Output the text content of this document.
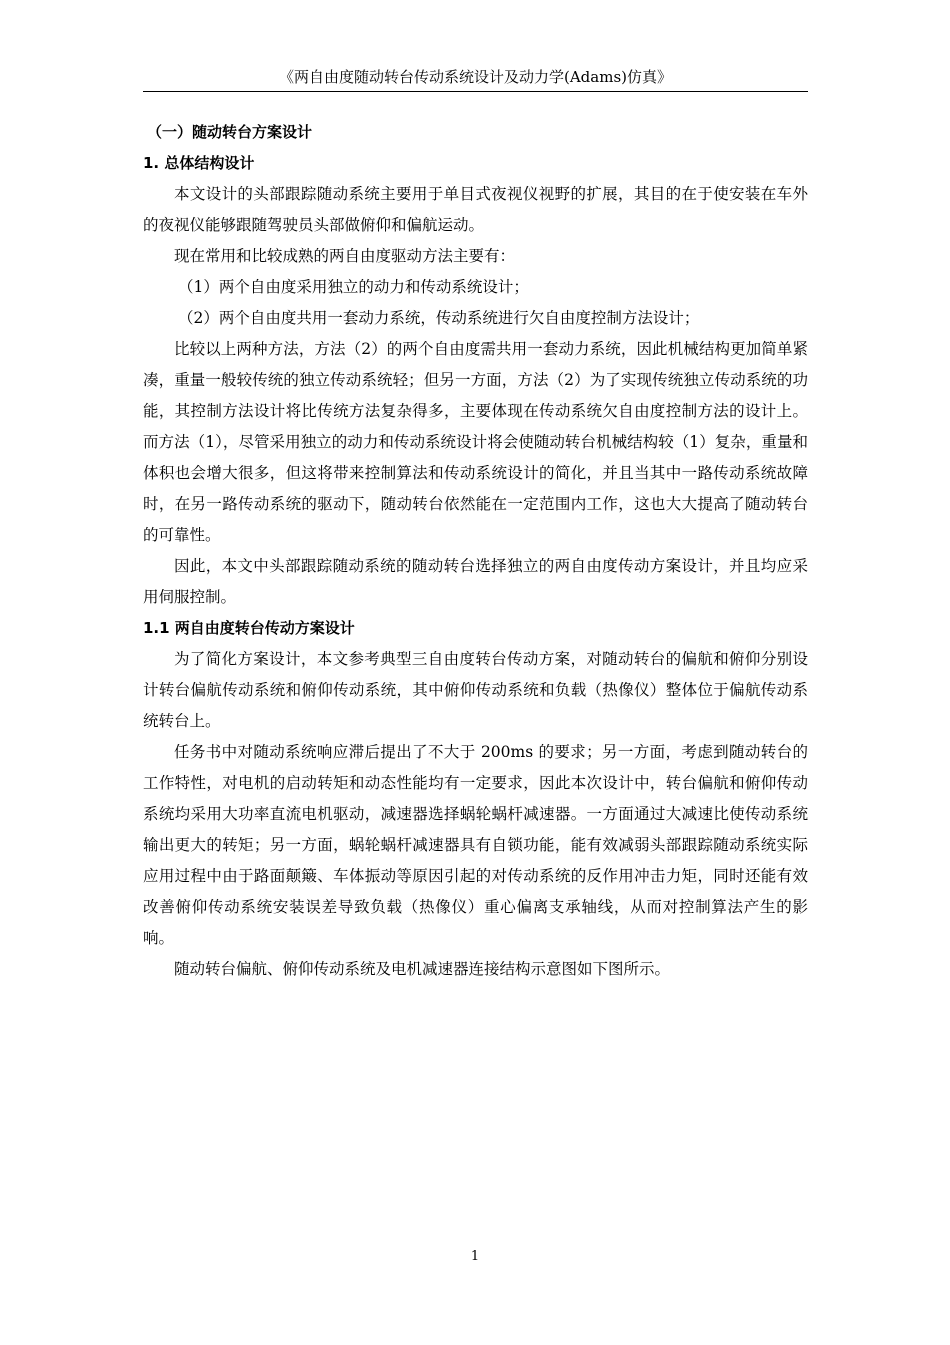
《两自由度随动转台传动系统设计及动力学(Adams)仿真》
（一）随动转台方案设计
1. 总体结构设计

本文设计的头部跟踪随动系统主要用于单目式夜视仪视野的扩展，其目的在于使安装在车外的夜视仪能够跟随驾驶员头部做俯仰和偏航运动。

现在常用和比较成熟的两自由度驱动方法主要有：

（1）两个自由度采用独立的动力和传动系统设计；

（2）两个自由度共用一套动力系统，传动系统进行欠自由度控制方法设计；

比较以上两种方法，方法（2）的两个自由度需共用一套动力系统，因此机械结构更加简单紧凑，重量一般较传统的独立传动系统轻；但另一方面，方法（2）为了实现传统独立传动系统的功能，其控制方法设计将比传统方法复杂得多，主要体现在传动系统欠自由度控制方法的设计上。而方法（1），尽管采用独立的动力和传动系统设计将会使随动转台机械结构较（1）复杂，重量和体积也会增大很多，但这将带来控制算法和传动系统设计的简化，并且当其中一路传动系统故障时，在另一路传动系统的驱动下，随动转台依然能在一定范围内工作，这也大大提高了随动转台的可靠性。

因此，本文中头部跟踪随动系统的随动转台选择独立的两自由度传动方案设计，并且均应采用伺服控制。

1.1 两自由度转台传动方案设计

为了简化方案设计，本文参考典型三自由度转台传动方案，对随动转台的偏航和俯仰分别设计转台偏航传动系统和俯仰传动系统，其中俯仰传动系统和负载（热像仪）整体位于偏航传动系统转台上。

任务书中对随动系统响应滞后提出了不大于 200ms 的要求；另一方面，考虑到随动转台的工作特性，对电机的启动转矩和动态性能均有一定要求，因此本次设计中，转台偏航和俯仰传动系统均采用大功率直流电机驱动，减速器选择蜗轮蜗杆减速器。一方面通过大减速比使传动系统输出更大的转矩；另一方面，蜗轮蜗杆减速器具有自锁功能，能有效减弱头部跟踪随动系统实际应用过程中由于路面颠簸、车体振动等原因引起的对传动系统的反作用冲击力矩，同时还能有效改善俯仰传动系统安装误差导致负载（热像仪）重心偏离支承轴线，从而对控制算法产生的影响。

随动转台偏航、俯仰传动系统及电机减速器连接结构示意图如下图所示。

1
